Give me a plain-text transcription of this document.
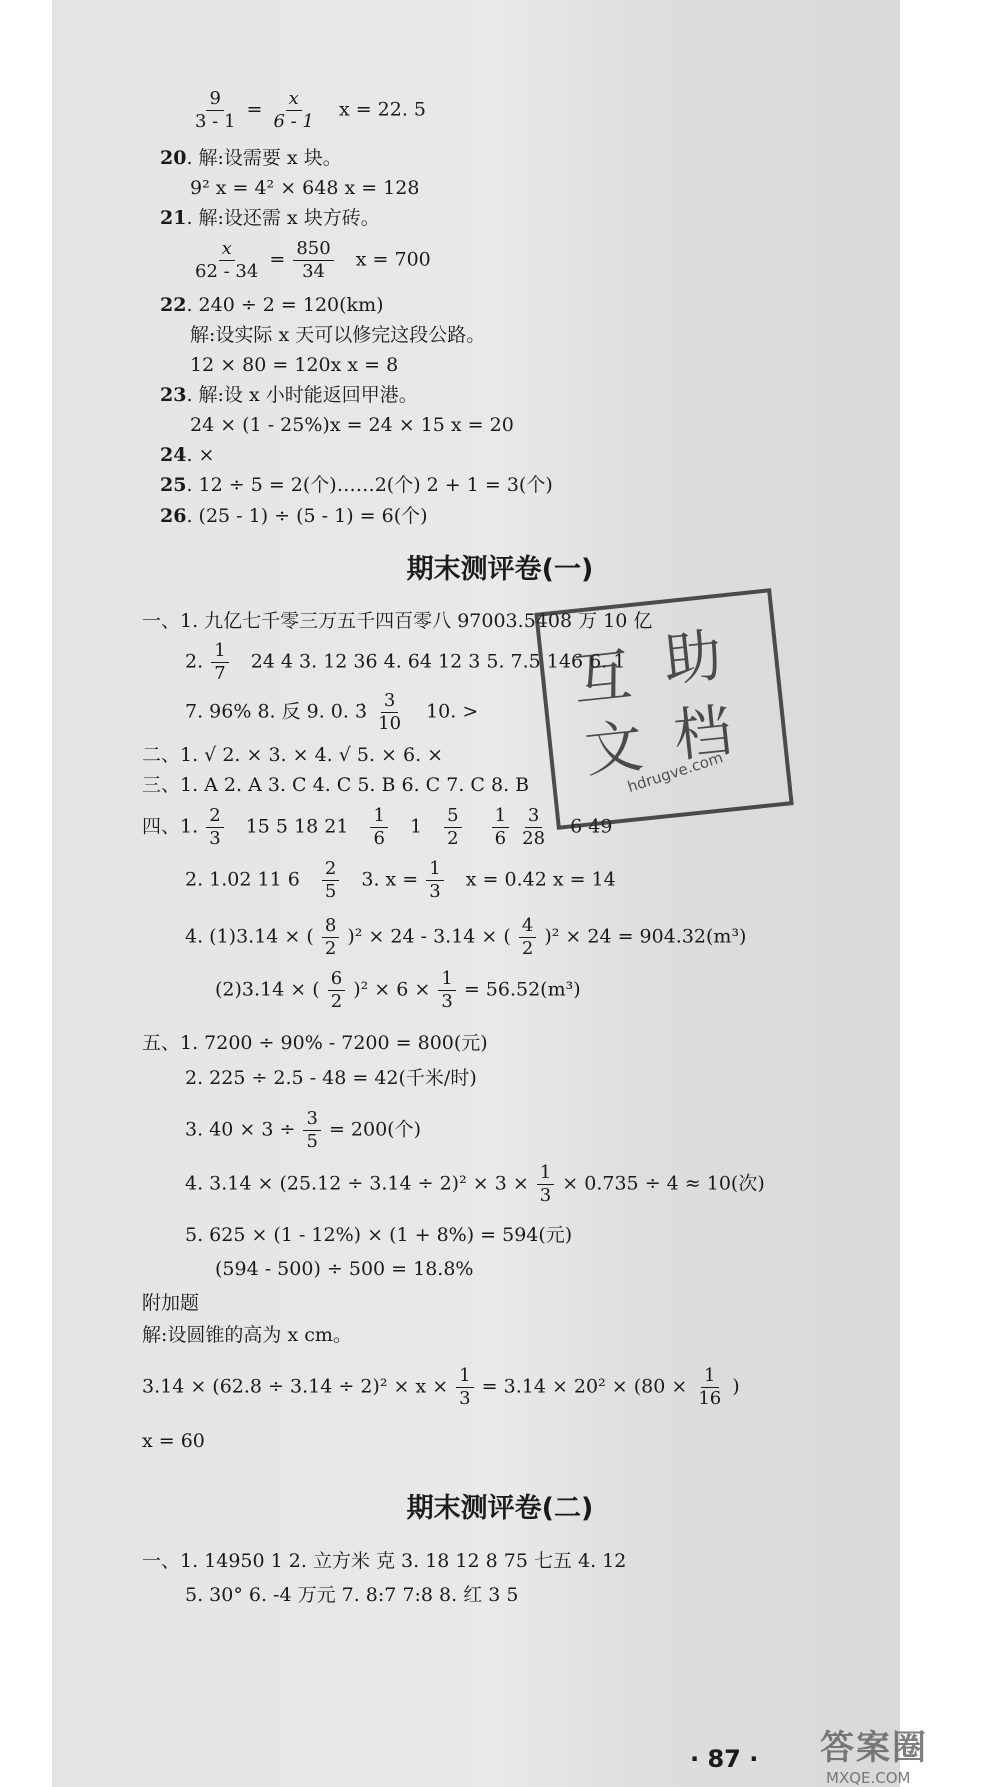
$\frac{9}{3 - 1} = \frac{x}{6 - 1}$ x = 22. 5
20. 解:设需要 x 块。
9² x = 4² × 648 x = 128
21. 解:设还需 x 块方砖。
$\frac{x}{62 - 34} = \frac{850}{34}$ x = 700
22. 240 ÷ 2 = 120(km)
解:设实际 x 天可以修完这段公路。
12 × 80 = 120x x = 8
23. 解:设 x 小时能返回甲港。
24 × (1 - 25%)x = 24 × 15 x = 20
24. ×
25. 12 ÷ 5 = 2(个)……2(个) 2 + 1 = 3(个)
26. (25 - 1) ÷ (5 - 1) = 6(个)
期末测评卷(一)
一、1. 九亿七千零三万五千四百零八 97003.5408 万 10 亿
2. $\frac{1}{7} 24$ 4 3. 12 36 4. 64 12 3 5. 7.5 146 6. 1
7. 96% 8. 反 9. 0. 3̇ $\frac{3}{10} 10$. >
二、1. √ 2. × 3. × 4. √ 5. × 6. ×
三、1. A 2. A 3. C 4. C 5. B 6. C 7. C 8. B
四、1. $\frac{2}{3} 15$ 5 18 $21 \frac{1}{6} 1 \frac{5}{2}$
$\frac{1}{6}$
$\frac{3}{28} 6$ 49
2. 1.02 11 $6 \frac{2}{5} 3$. $x = \frac{1}{3}$ x = 0.42 x = 14
4. (1)3.14 × ( $\frac{8}{2} )^2 \times 24 - 3.14$ × ( $\frac{4}{2} )^2 \times 24 = 904.32(m^3)$
(2)3.14 × ( $\frac{6}{2} )^2 \times 6 \times \frac{1}{3} = 56.52(m^3)$
五、1. 7200 ÷ 90% - 7200 = 800(元)
2. 225 ÷ 2.5 - 48 = 42(千米/时)
3. $40 \times 3 \div \frac{3}{5} = 200$(个)
4. $3.14 \times (25.12 \div 3.14 \div 2)^2 \times 3 \times \frac{1}{3} \times 0.735 \div 4 \approx 10$(次)
5. 625 × (1 - 12%) × (1 + 8%) = 594(元)
(594 - 500) ÷ 500 = 18.8%
附加题
解:设圆锥的高为 x cm。
$3.14 \times (62.8 \div 3.14 \div 2)^2 \times x \times \frac{1}{3} = 3.14 \times 20^2 \times (80 \times \frac{1}{16}$ )
x = 60
期末测评卷(二)
一、1. 14950 1 2. 立方米 克 3. 18 12 8 75 七五 4. 12
5. 30° 6. -4 万元 7. 8:7 7:8 8. 红 3 5
互 助
文 档
hdrugve.com
· 87 · 答案圈
MXQE.COM
